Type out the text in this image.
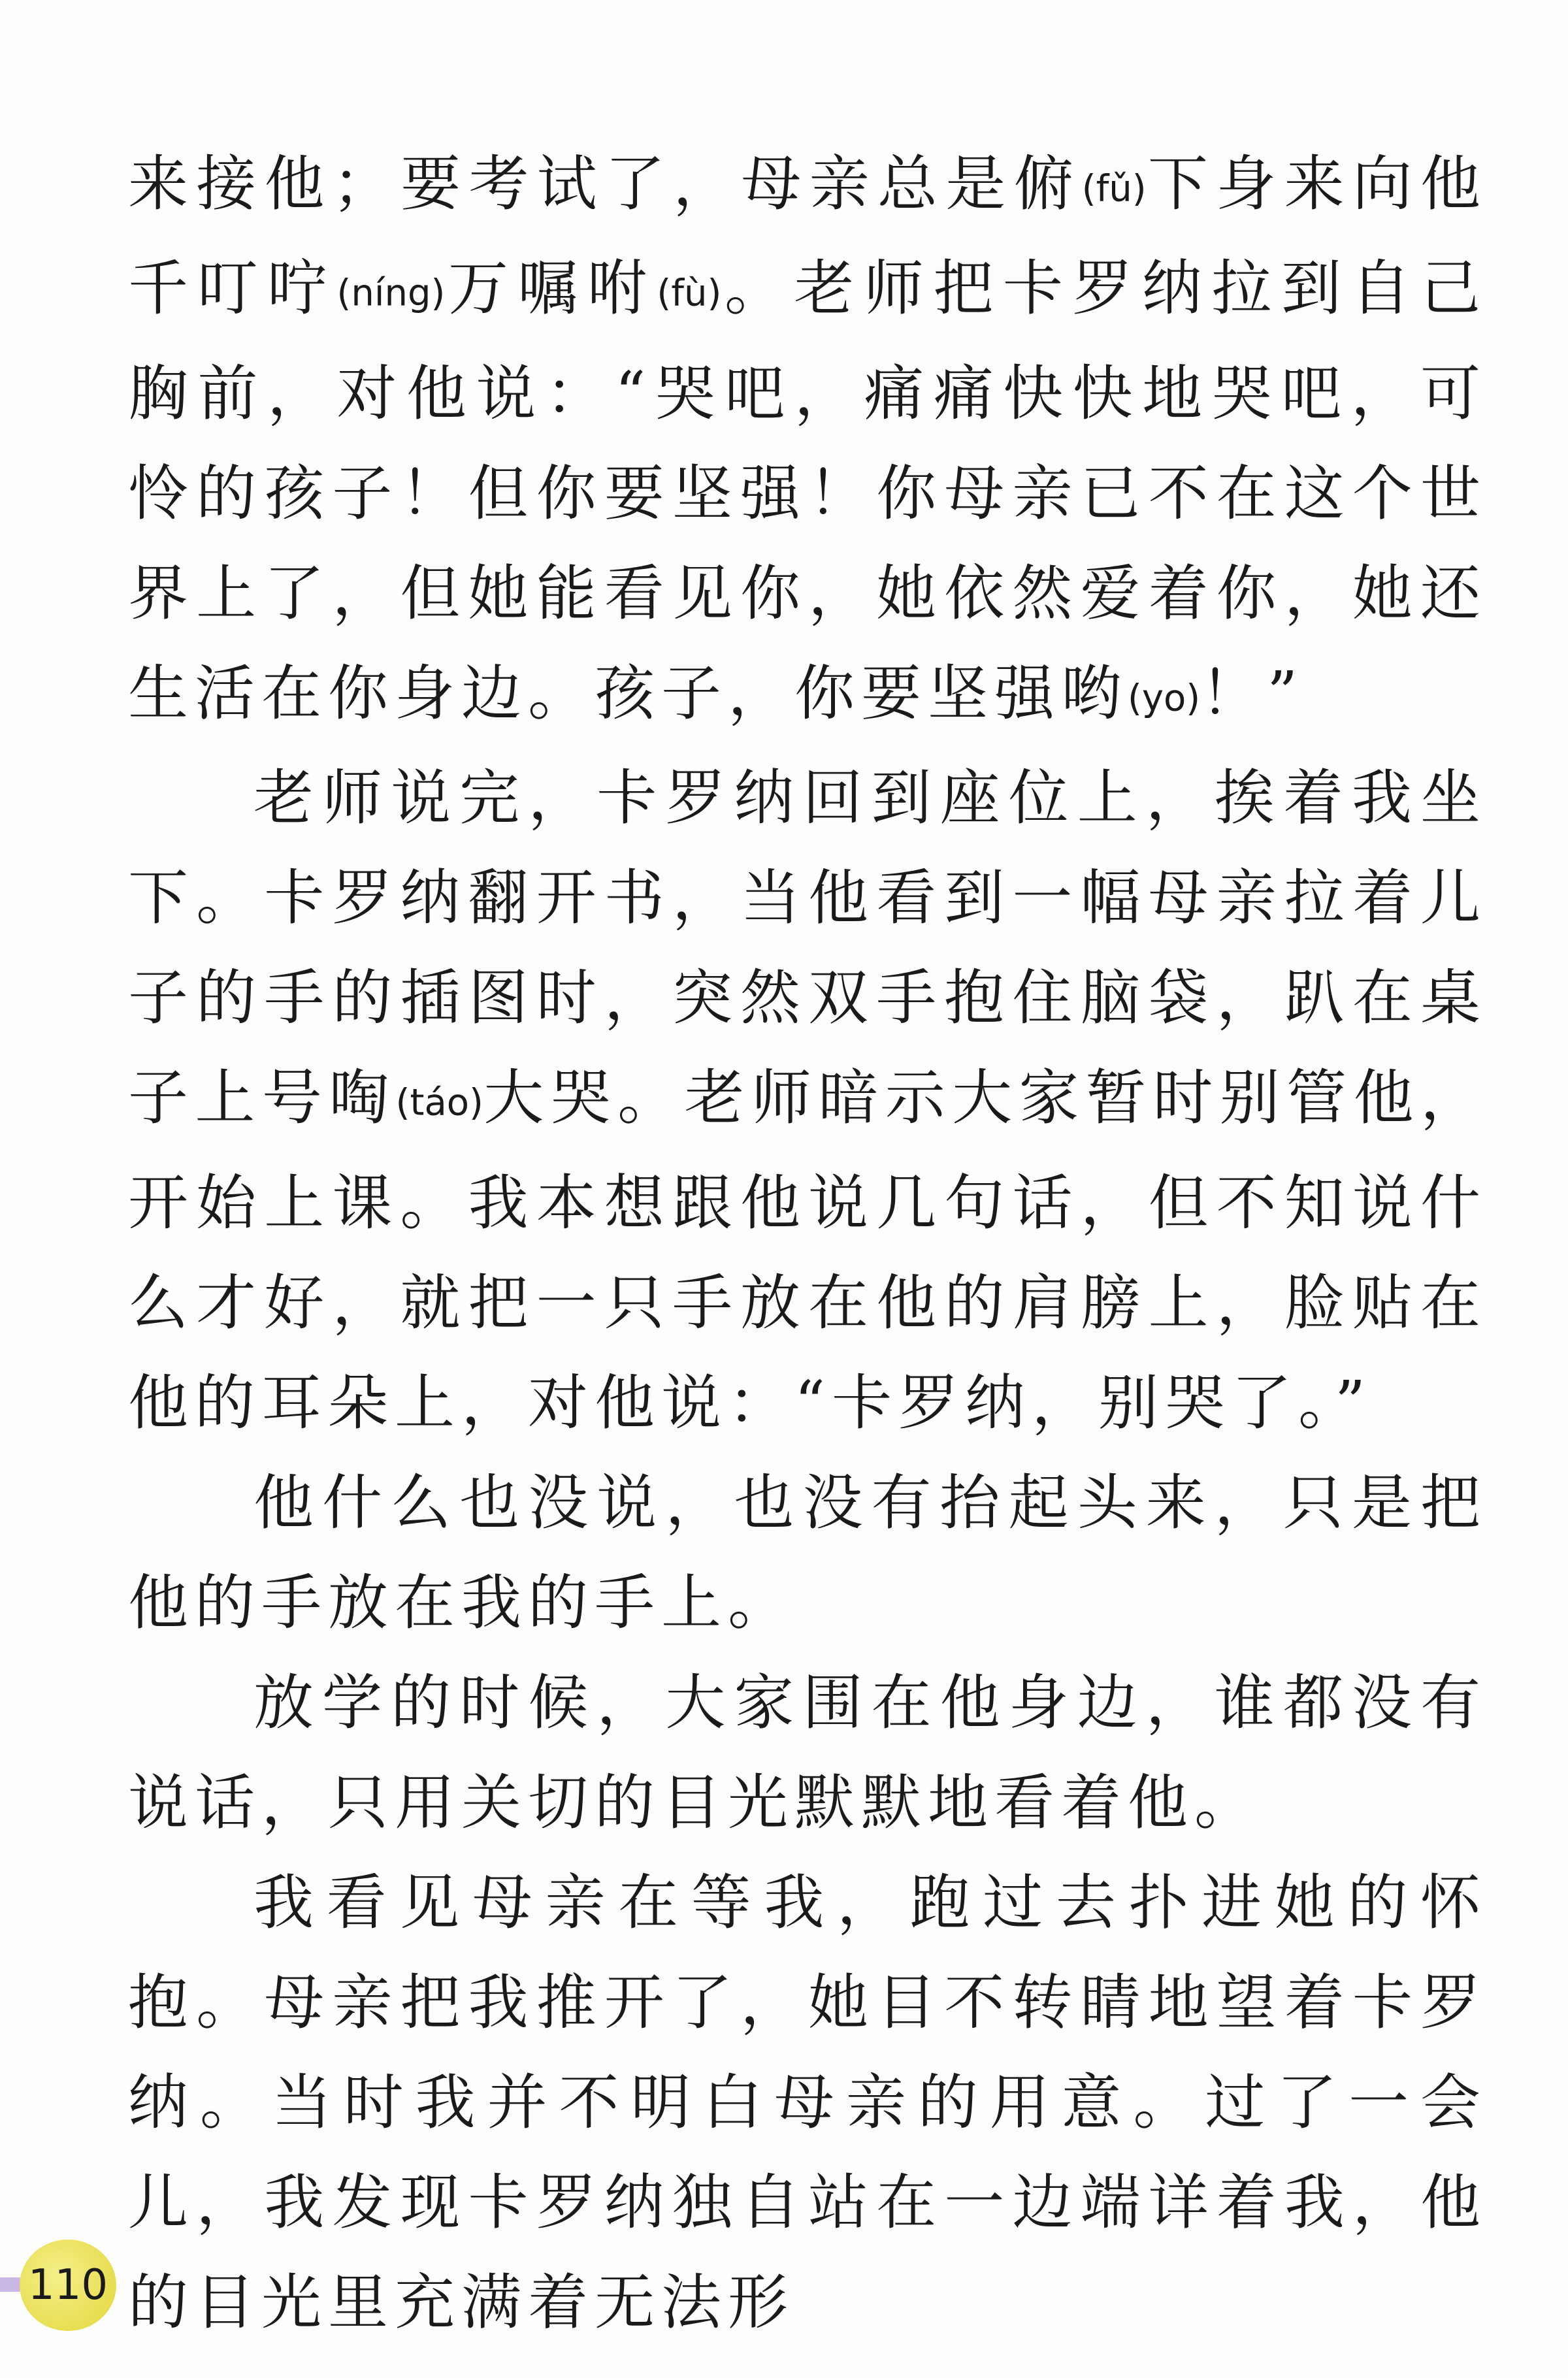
来接他；要考试了，母亲总是俯(fǔ)下身来向他千叮咛(níng)万嘱咐(fù)。老师把卡罗纳拉到自己胸前，对他说：“哭吧，痛痛快快地哭吧，可怜的孩子！但你要坚强！你母亲已不在这个世界上了，但她能看见你，她依然爱着你，她还生活在你身边。孩子，你要坚强哟(yo)！”

老师说完，卡罗纳回到座位上，挨着我坐下。卡罗纳翻开书，当他看到一幅母亲拉着儿子的手的插图时，突然双手抱住脑袋，趴在桌子上号啕(táo)大哭。老师暗示大家暂时别管他，开始上课。我本想跟他说几句话，但不知说什么才好，就把一只手放在他的肩膀上，脸贴在他的耳朵上，对他说：“卡罗纳，别哭了。”

他什么也没说，也没有抬起头来，只是把他的手放在我的手上。

放学的时候，大家围在他身边，谁都没有说话，只用关切的目光默默地看着他。

我看见母亲在等我，跑过去扑进她的怀抱。母亲把我推开了，她目不转睛地望着卡罗纳。当时我并不明白母亲的用意。过了一会儿，我发现卡罗纳独自站在一边端详着我，他的目光里充满着无法形

110
